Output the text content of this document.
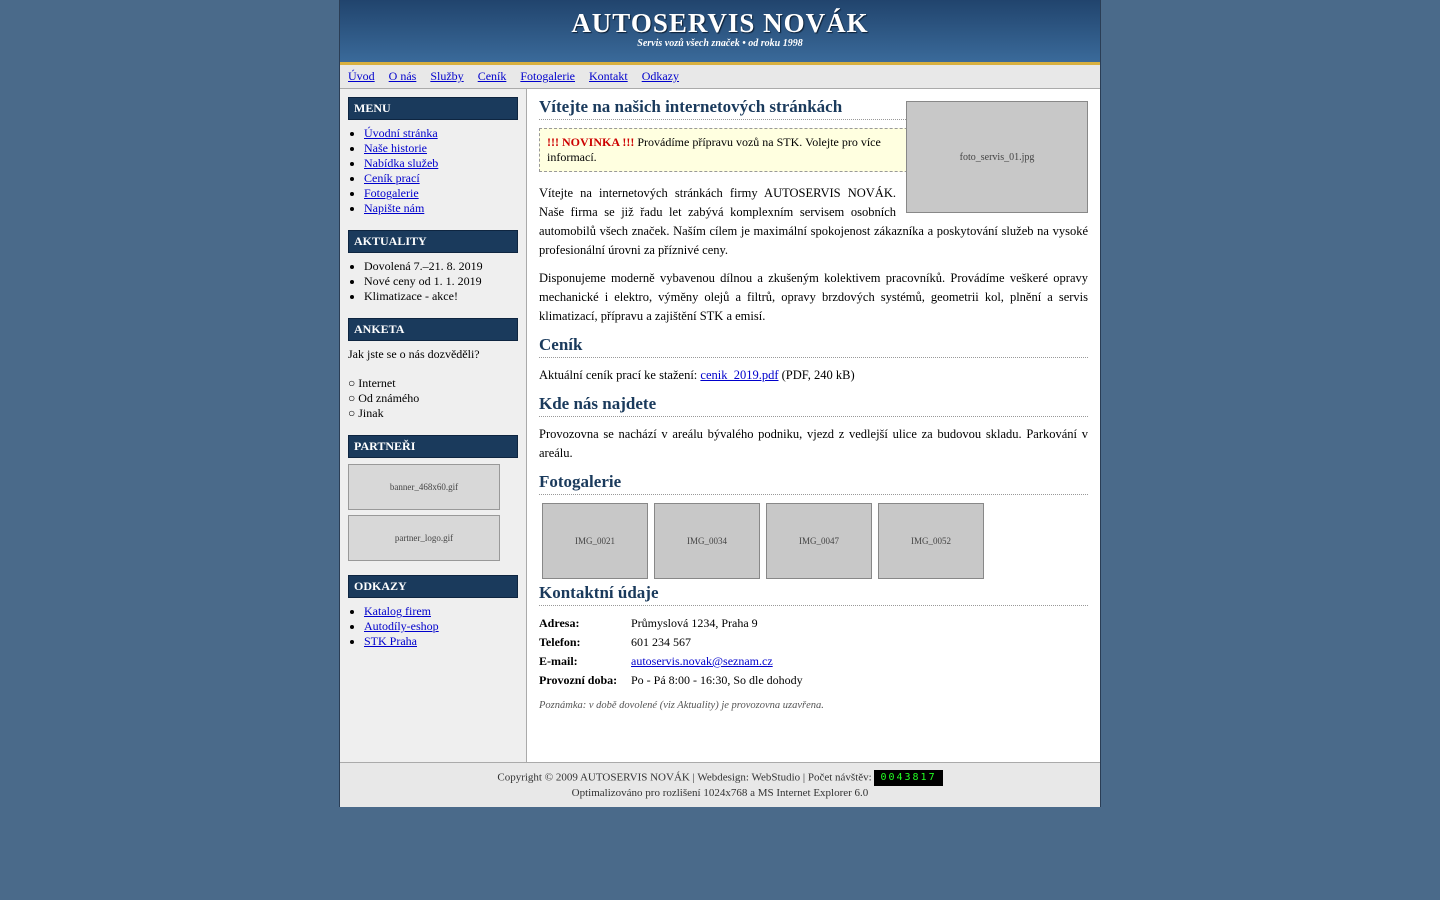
AUTOSERVIS NOVÁK
Servis vozů všech značek • od roku 1998
Úvod O nás Služby Ceník Fotogalerie Kontakt Odkazy
MENU
• Úvodní stránka
• Naše historie
• Nabídka služeb
• Ceník prací
• Fotogalerie
• Napište nám
AKTUALITY
• Dovolená 7.–21. 8. 2019
• Nové ceny od 1. 1. 2019
• Klimatizace - akce!
ANKETA
Jak jste se o nás dozvěděli?
○ Internet
○ Od známého
○ Jinak
PARTNEŘI
banner_468x60.gif
partner_logo.gif
ODKAZY
• Katalog firem
• Autodíly-eshop
• STK Praha
foto_servis_01.jpg
Vítejte na našich internetových stránkách
!!! NOVINKA !!! Provádíme přípravu vozů na STK. Volejte pro více informací.

Vítejte na internetových stránkách firmy AUTOSERVIS NOVÁK. Naše firma se již řadu let zabývá komplexním servisem osobních automobilů všech značek. Naším cílem je maximální spokojenost zákazníka a poskytování služeb na vysoké profesionální úrovni za příznivé ceny.

Disponujeme moderně vybavenou dílnou a zkušeným kolektivem pracovníků. Provádíme veškeré opravy mechanické i elektro, výměny olejů a filtrů, opravy brzdových systémů, geometrii kol, plnění a servis klimatizací, přípravu a zajištění STK a emisí.

Ceník

Aktuální ceník prací ke stažení: cenik_2019.pdf (PDF, 240 kB)

Kde nás najdete

Provozovna se nachází v areálu bývalého podniku, vjezd z vedlejší ulice za budovou skladu. Parkování v areálu.

Fotogalerie
IMG_0021	IMG_0034	IMG_0047	IMG_0052
Kontaktní údaje
Adresa:	Průmyslová 1234, Praha 9
Telefon:	601 234 567
E-mail:	autoservis.novak@seznam.cz
Provozní doba:	Po - Pá 8:00 - 16:30, So dle dohody
Poznámka: v době dovolené (viz Aktuality) je provozovna uzavřena.
Copyright © 2009 AUTOSERVIS NOVÁK | Webdesign: WebStudio | Počet návštěv: 0043817
Optimalizováno pro rozlišení 1024x768 a MS Internet Explorer 6.0
